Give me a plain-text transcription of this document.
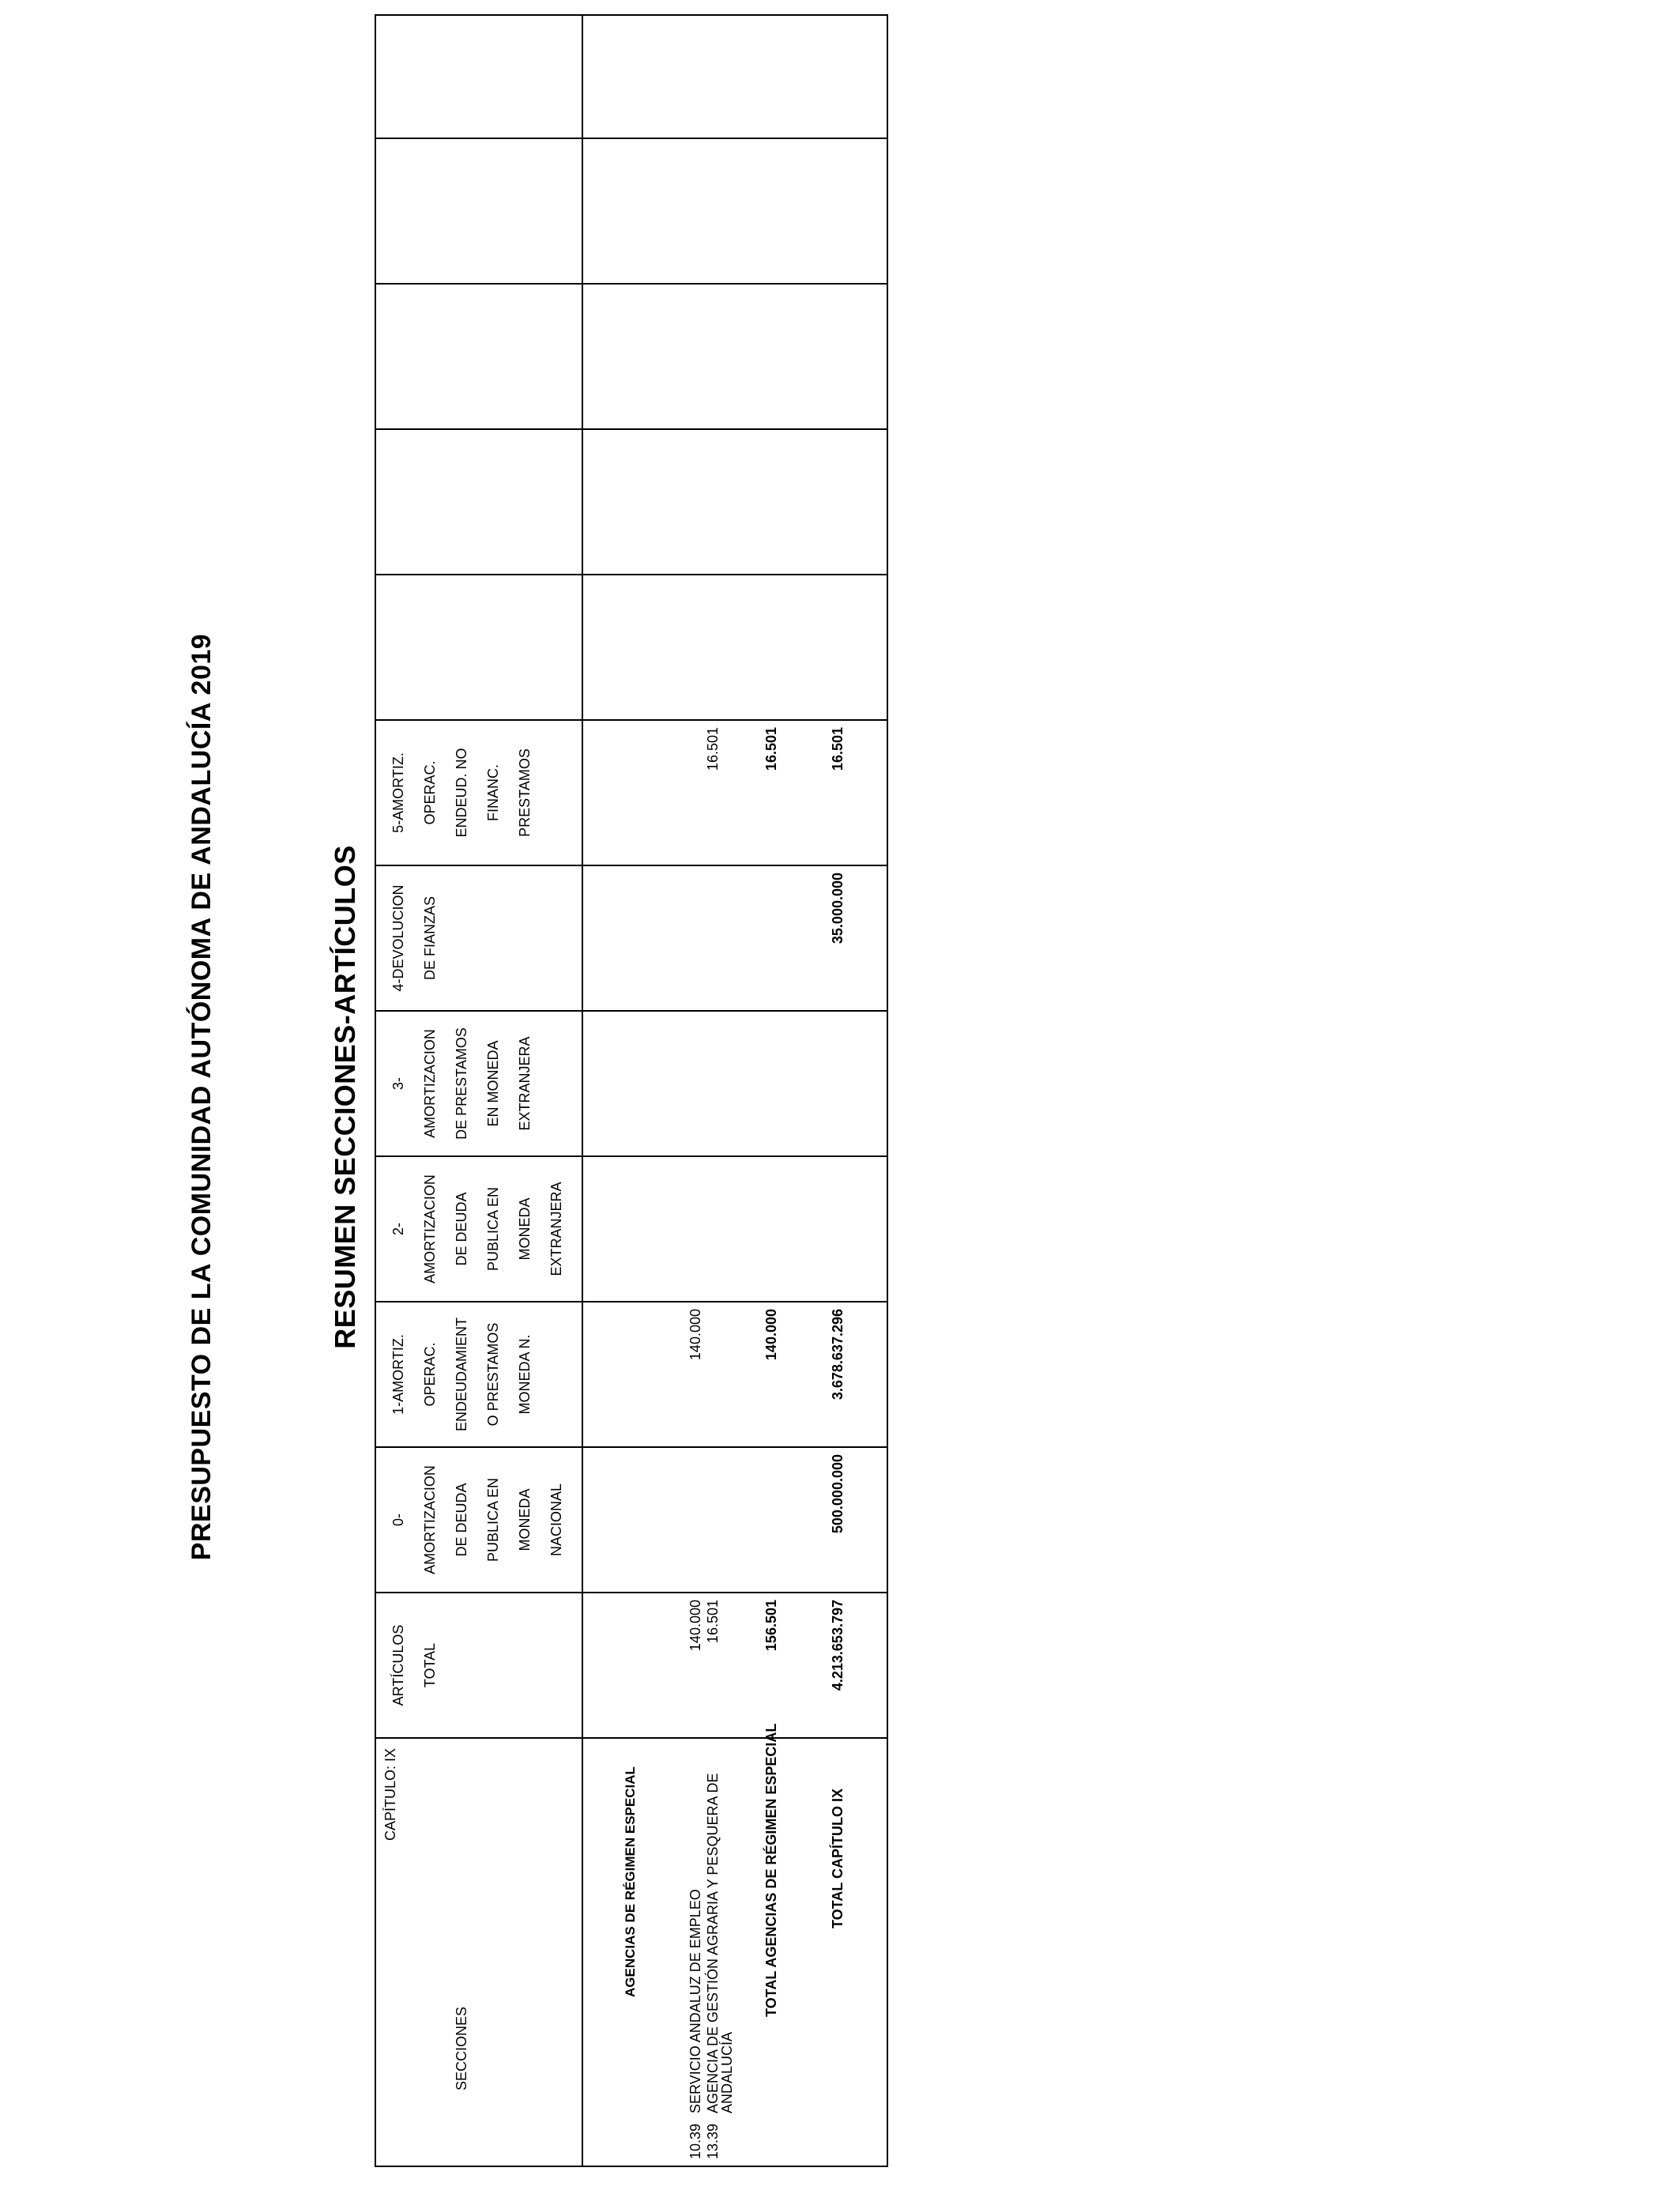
PRESUPUESTO DE LA COMUNIDAD AUTÓNOMA DE ANDALUCÍA 2019	RESUMEN SECCIONES-ARTÍCULOS
SECCIONES
CAPÍTULO: IX
ARTÍCULOS
TOTAL
0-
AMORTIZACION
DE DEUDA
PUBLICA EN
MONEDA
NACIONAL
1-AMORTIZ.
OPERAC.
ENDEUDAMIENT
O PRESTAMOS
MONEDA N.
2-
AMORTIZACION
DE DEUDA
PUBLICA EN
MONEDA
EXTRANJERA
3-
AMORTIZACION
DE PRESTAMOS
EN MONEDA
EXTRANJERA
4-DEVOLUCION
DE FIANZAS
5-AMORTIZ.
OPERAC.
ENDEUD. NO
FINANC.
PRESTAMOS
AGENCIAS DE RÉGIMEN ESPECIAL
10.39
SERVICIO ANDALUZ DE EMPLEO
140.000
140.000
13.39
AGENCIA DE GESTIÓN AGRARIA Y PESQUERA DE
ANDALUCÍA
16.501
16.501
TOTAL AGENCIAS DE RÉGIMEN ESPECIAL
156.501
140.000
16.501
TOTAL CAPÍTULO IX
4.213.653.797
500.000.000
3.678.637.296
35.000.000
16.501
